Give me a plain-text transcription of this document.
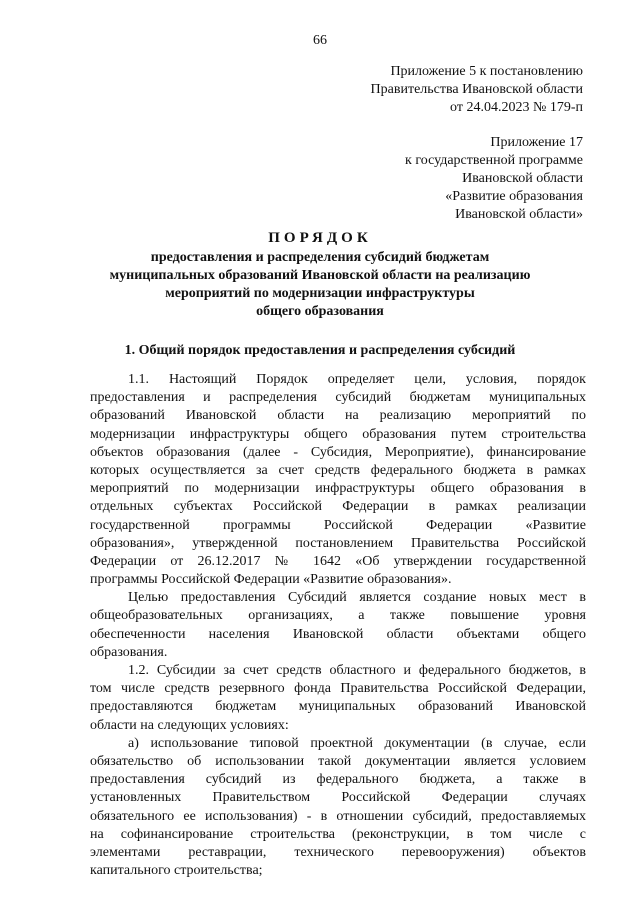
66
Приложение 5 к постановлению
Правительства Ивановской области
от 24.04.2023 № 179-п
Приложение 17
к государственной программе
Ивановской области
«Развитие образования
Ивановской области»
ПОРЯДОК
предоставления и распределения субсидий бюджетам
муниципальных образований Ивановской области на реализацию
мероприятий по модернизации инфраструктуры
общего образования
1. Общий порядок предоставления и распределения субсидий
1.1. Настоящий Порядок определяет цели, условия, порядок
предоставления и распределения субсидий бюджетам муниципальных
образований Ивановской области на реализацию мероприятий по
модернизации инфраструктуры общего образования путем строительства
объектов образования (далее - Субсидия, Мероприятие), финансирование
которых осуществляется за счет средств федерального бюджета в рамках
мероприятий по модернизации инфраструктуры общего образования в
отдельных субъектах Российской Федерации в рамках реализации
государственной программы Российской Федерации «Развитие
образования», утвержденной постановлением Правительства Российской
Федерации от 26.12.2017 № 1642 «Об утверждении государственной
программы Российской Федерации «Развитие образования».
Целью предоставления Субсидий является создание новых мест в
общеобразовательных организациях, а также повышение уровня
обеспеченности населения Ивановской области объектами общего
образования.
1.2. Субсидии за счет средств областного и федерального бюджетов, в
том числе средств резервного фонда Правительства Российской Федерации,
предоставляются бюджетам муниципальных образований Ивановской
области на следующих условиях:
а) использование типовой проектной документации (в случае, если
обязательство об использовании такой документации является условием
предоставления субсидий из федерального бюджета, а также в
установленных Правительством Российской Федерации случаях
обязательного ее использования) - в отношении субсидий, предоставляемых
на софинансирование строительства (реконструкции, в том числе с
элементами реставрации, технического перевооружения) объектов
капитального строительства;
